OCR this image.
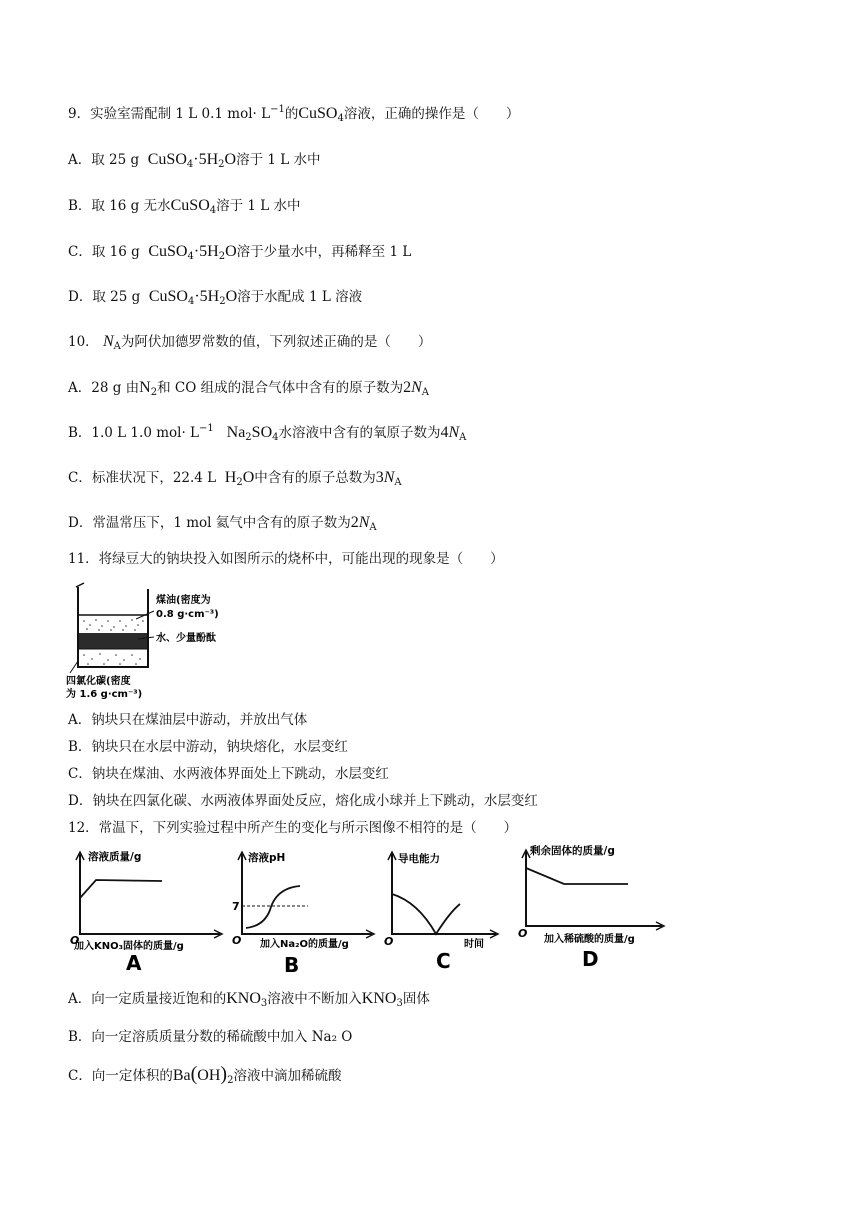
9．实验室需配制 1 L 0.1 $mol\cdot L^{-1}$的CuSO$_4$溶液，正确的操作是（　　）
A．取 25 g $CuSO_4\cdot 5H_2O$溶于 1 L 水中
B．取 16 g 无水CuSO$_4$溶于 1 L 水中
C．取 16 g $CuSO_4\cdot 5H_2O$溶于少量水中，再稀释至 1 L
D．取 25 g $CuSO_4\cdot 5H_2O$溶于水配成 1 L 溶液
10． $N_A$为阿伏加德罗常数的值，下列叙述正确的是（　　）
A．28 g 由$N_2$和 CO 组成的混合气体中含有的原子数为$2N_A$
B．1.0 L 1.0 $mol\cdot L^{-1}$ $Na_2SO_4$水溶液中含有的氧原子数为$4N_A$
C．标准状况下，22.4 L $H_2O$中含有的原子总数为$3N_A$
D．常温常压下，1 mol 氦气中含有的原子数为$2N_A$
11．将绿豆大的钠块投入如图所示的烧杯中，可能出现的现象是（　　）
煤油(密度为
0.8 g·cm⁻³)
水、少量酚酞
四氯化碳(密度
为 1.6 g·cm⁻³)
A．钠块只在煤油层中游动，并放出气体
B．钠块只在水层中游动，钠块熔化，水层变红
C．钠块在煤油、水两液体界面处上下跳动，水层变红
D．钠块在四氯化碳、水两液体界面处反应，熔化成小球并上下跳动，水层变红
12．常温下，下列实验过程中所产生的变化与所示图像不相符的是（　　）
溶液质量/g
O
加入KNO₃固体的质量/g
A
溶液pH
7
O 加入Na₂O的质量/g
B
导电能力
O	时间
C
剩余固体的质量/g
O 加入稀硫酸的质量/g
D
A．向一定质量接近饱和的$KNO_3$溶液中不断加入$KNO_3$固体
B．向一定溶质质量分数的稀硫酸中加入 Na₂ O
C．向一定体积的$Ba(OH)_2$溶液中滴加稀硫酸
